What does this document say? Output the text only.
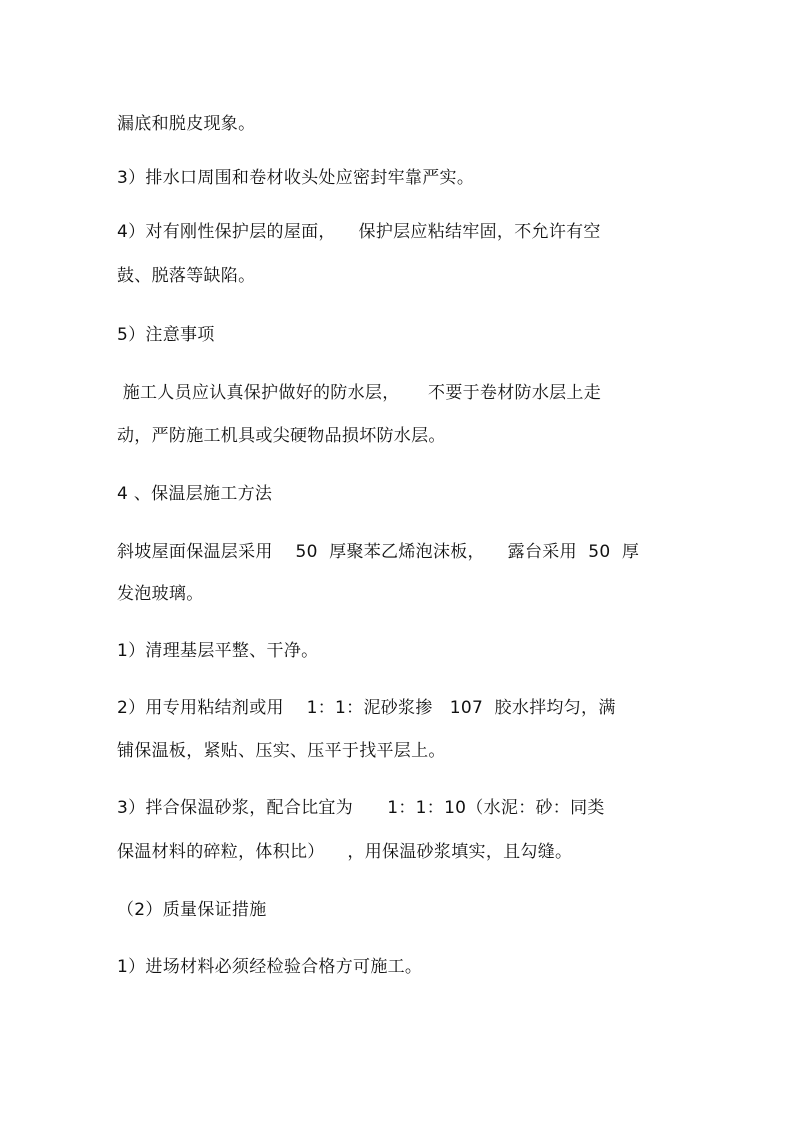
漏底和脱皮现象。
3）排水口周围和卷材收头处应密封牢靠严实。
4）对有刚性保护层的屋面，    保护层应粘结牢固，不允许有空
鼓、脱落等缺陷。
5）注意事项
施工人员应认真保护做好的防水层，     不要于卷材防水层上走
动，严防施工机具或尖硬物品损坏防水层。
4 、保温层施工方法
斜坡屋面保温层采用    50  厚聚苯乙烯泡沫板，    露台采用  50  厚
发泡玻璃。
1）清理基层平整、干净。
2）用专用粘结剂或用    1：1：泥砂浆掺   107  胶水拌均匀，满
铺保温板，紧贴、压实、压平于找平层上。
3）拌合保温砂浆，配合比宜为      1：1：10（水泥：砂：同类
保温材料的碎粒，体积比）    ，用保温砂浆填实，且勾缝。
（2）质量保证措施
1）进场材料必须经检验合格方可施工。
